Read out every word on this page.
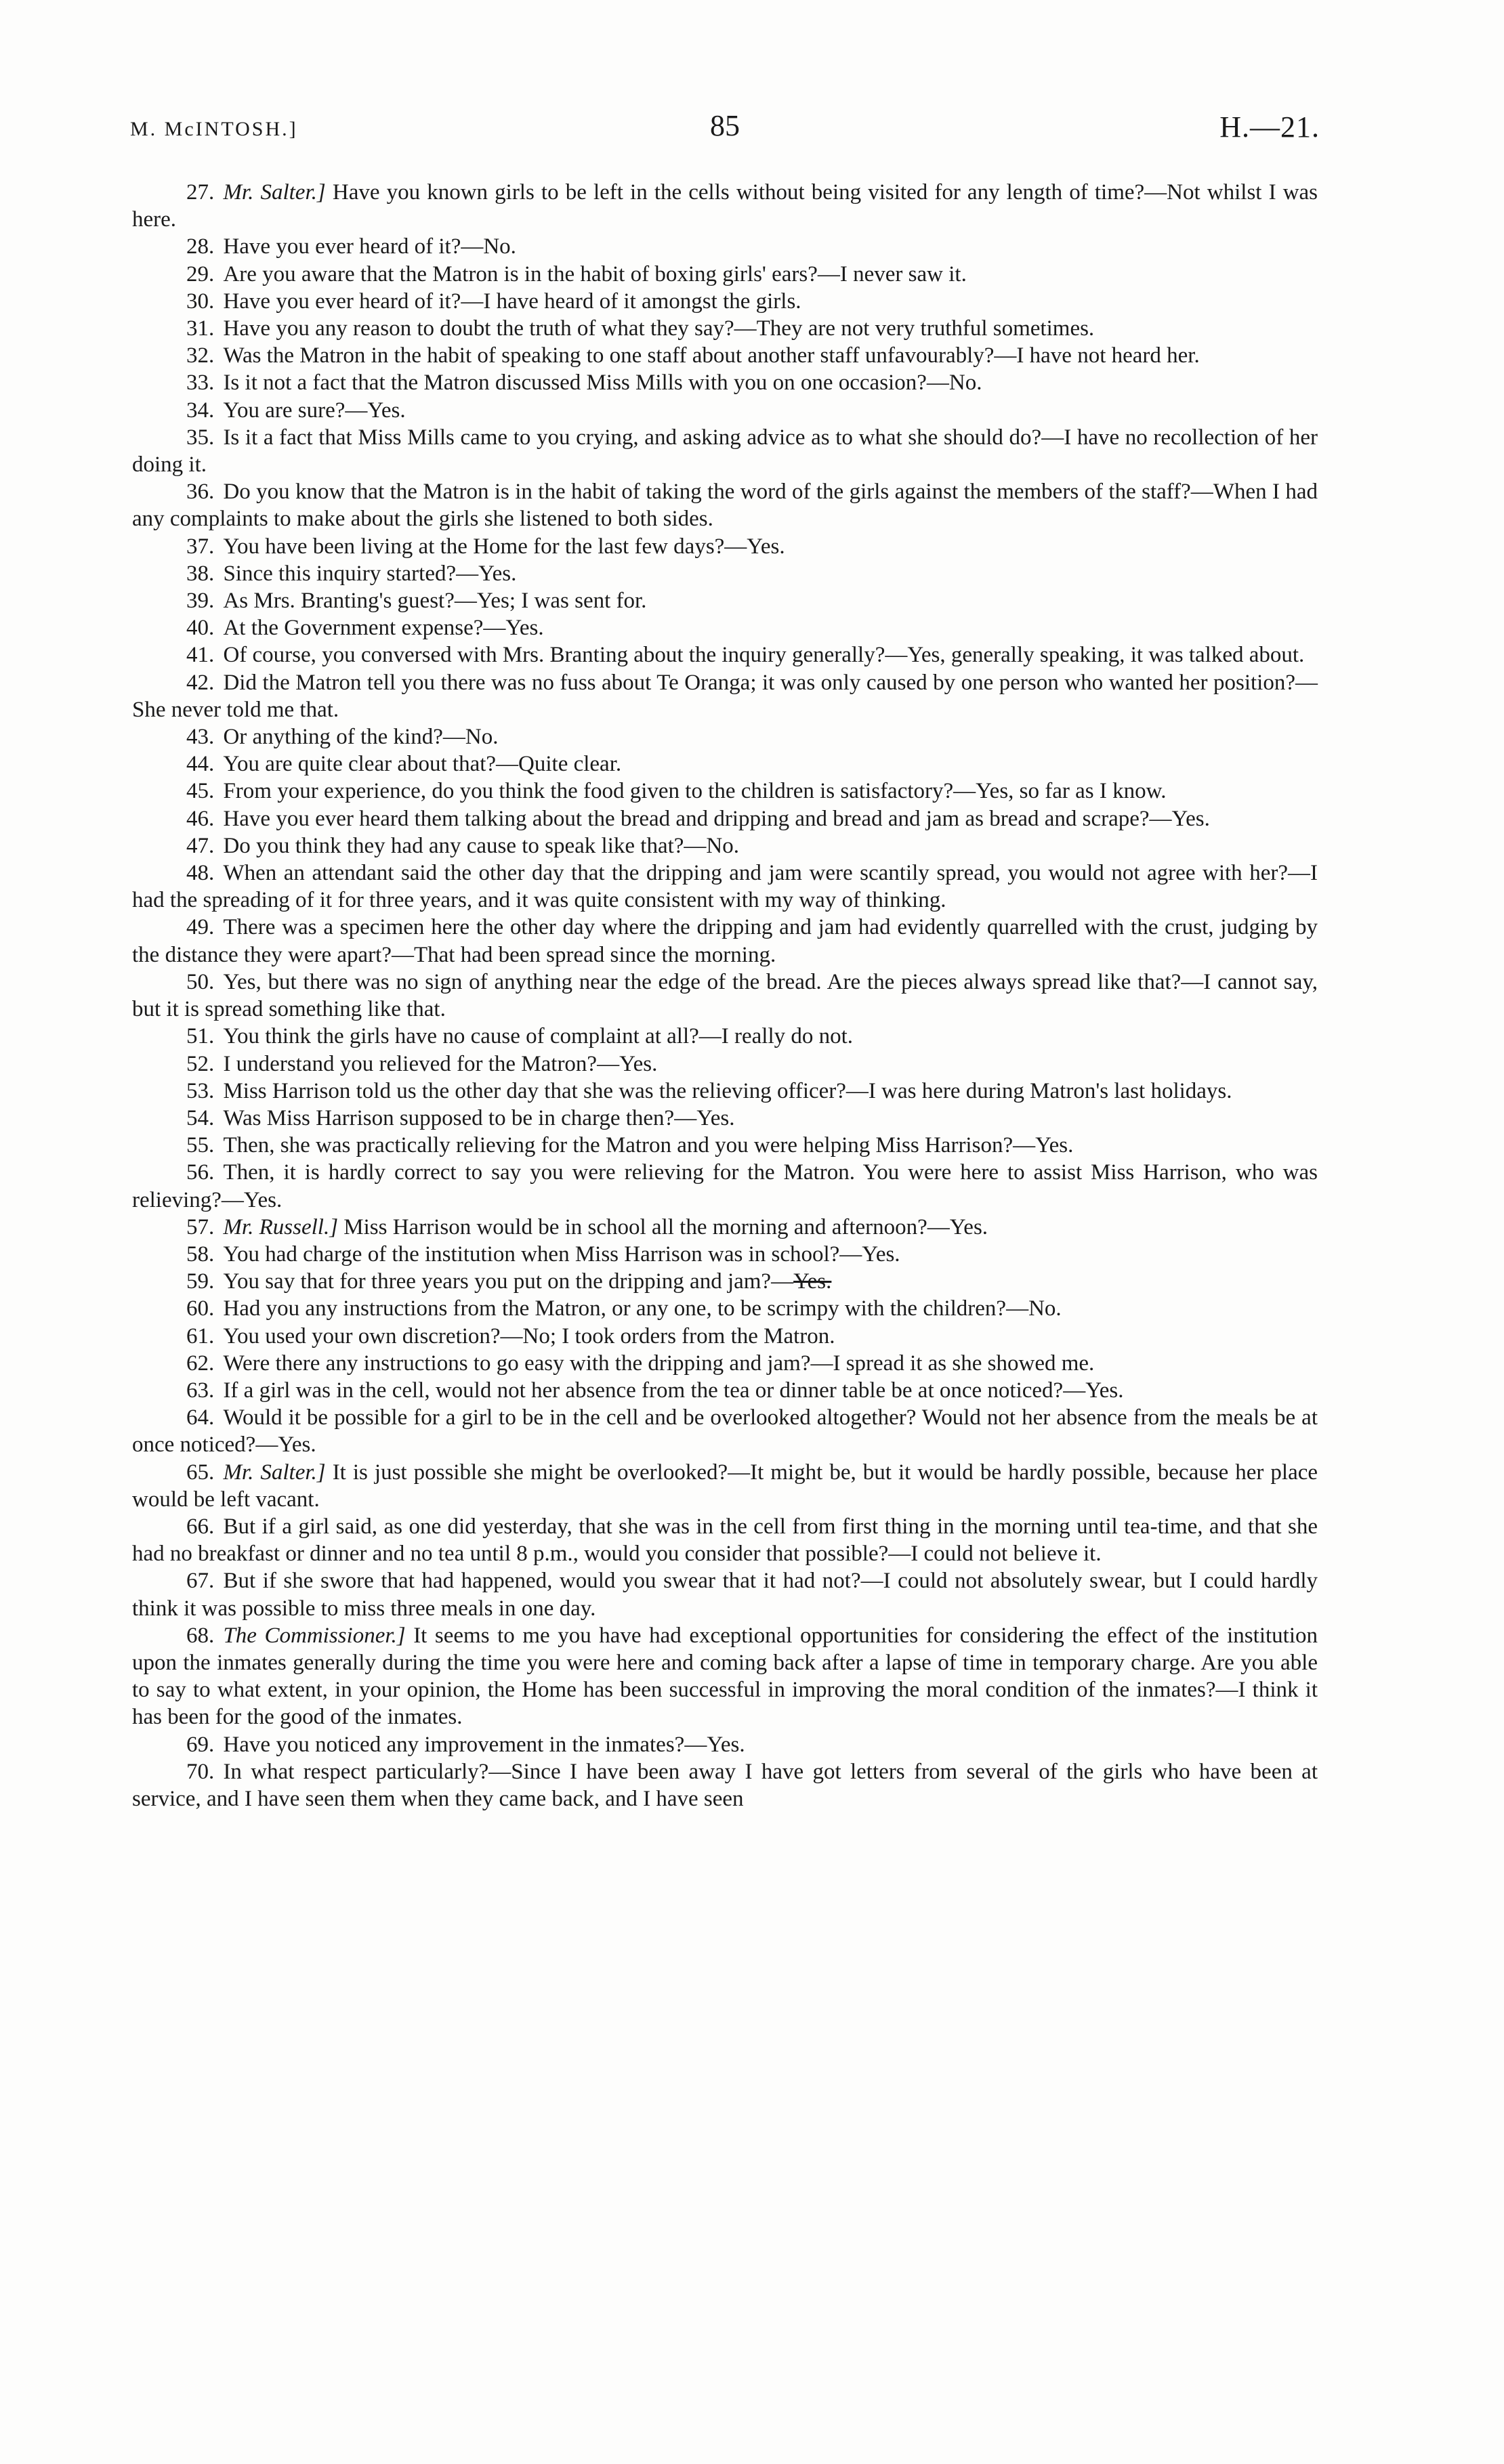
M. McINTOSH.]	85	H.—21.

27. Mr. Salter.] Have you known girls to be left in the cells without being visited for any length of time?—Not whilst I was here.

28. Have you ever heard of it?—No.

29. Are you aware that the Matron is in the habit of boxing girls' ears?—I never saw it.

30. Have you ever heard of it?—I have heard of it amongst the girls.

31. Have you any reason to doubt the truth of what they say?—They are not very truthful sometimes.

32. Was the Matron in the habit of speaking to one staff about another staff unfavourably?—I have not heard her.

33. Is it not a fact that the Matron discussed Miss Mills with you on one occasion?—No.

34. You are sure?—Yes.

35. Is it a fact that Miss Mills came to you crying, and asking advice as to what she should do?—I have no recollection of her doing it.

36. Do you know that the Matron is in the habit of taking the word of the girls against the members of the staff?—When I had any complaints to make about the girls she listened to both sides.

37. You have been living at the Home for the last few days?—Yes.

38. Since this inquiry started?—Yes.

39. As Mrs. Branting's guest?—Yes; I was sent for.

40. At the Government expense?—Yes.

41. Of course, you conversed with Mrs. Branting about the inquiry generally?—Yes, generally speaking, it was talked about.

42. Did the Matron tell you there was no fuss about Te Oranga; it was only caused by one person who wanted her position?—She never told me that.

43. Or anything of the kind?—No.

44. You are quite clear about that?—Quite clear.

45. From your experience, do you think the food given to the children is satisfactory?—Yes, so far as I know.

46. Have you ever heard them talking about the bread and dripping and bread and jam as bread and scrape?—Yes.

47. Do you think they had any cause to speak like that?—No.

48. When an attendant said the other day that the dripping and jam were scantily spread, you would not agree with her?—I had the spreading of it for three years, and it was quite consistent with my way of thinking.

49. There was a specimen here the other day where the dripping and jam had evidently quarrelled with the crust, judging by the distance they were apart?—That had been spread since the morning.

50. Yes, but there was no sign of anything near the edge of the bread. Are the pieces always spread like that?—I cannot say, but it is spread something like that.

51. You think the girls have no cause of complaint at all?—I really do not.

52. I understand you relieved for the Matron?—Yes.

53. Miss Harrison told us the other day that she was the relieving officer?—I was here during Matron's last holidays.

54. Was Miss Harrison supposed to be in charge then?—Yes.

55. Then, she was practically relieving for the Matron and you were helping Miss Harrison?—Yes.

56. Then, it is hardly correct to say you were relieving for the Matron. You were here to assist Miss Harrison, who was relieving?—Yes.

57. Mr. Russell.] Miss Harrison would be in school all the morning and afternoon?—Yes.

58. You had charge of the institution when Miss Harrison was in school?—Yes.

59. You say that for three years you put on the dripping and jam?—Yes.

60. Had you any instructions from the Matron, or any one, to be scrimpy with the children?—No.

61. You used your own discretion?—No; I took orders from the Matron.

62. Were there any instructions to go easy with the dripping and jam?—I spread it as she showed me.

63. If a girl was in the cell, would not her absence from the tea or dinner table be at once noticed?—Yes.

64. Would it be possible for a girl to be in the cell and be overlooked altogether? Would not her absence from the meals be at once noticed?—Yes.

65. Mr. Salter.] It is just possible she might be overlooked?—It might be, but it would be hardly possible, because her place would be left vacant.

66. But if a girl said, as one did yesterday, that she was in the cell from first thing in the morning until tea-time, and that she had no breakfast or dinner and no tea until 8 p.m., would you consider that possible?—I could not believe it.

67. But if she swore that had happened, would you swear that it had not?—I could not absolutely swear, but I could hardly think it was possible to miss three meals in one day.

68. The Commissioner.] It seems to me you have had exceptional opportunities for considering the effect of the institution upon the inmates generally during the time you were here and coming back after a lapse of time in temporary charge. Are you able to say to what extent, in your opinion, the Home has been successful in improving the moral condition of the inmates?—I think it has been for the good of the inmates.

69. Have you noticed any improvement in the inmates?—Yes.

70. In what respect particularly?—Since I have been away I have got letters from several of the girls who have been at service, and I have seen them when they came back, and I have seen
